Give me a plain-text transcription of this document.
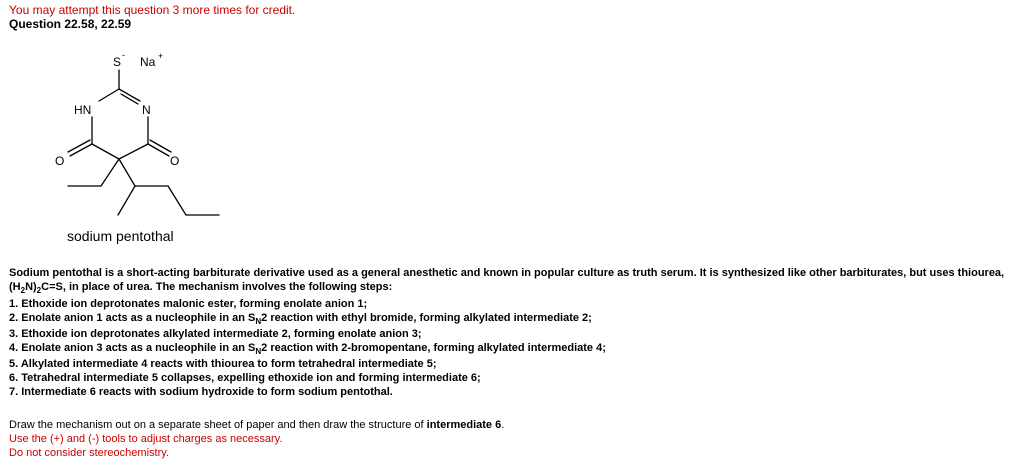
You may attempt this question 3 more times for credit.
Question 22.58, 22.59
S - Na +
HN	N
O	O
sodium pentothal

Sodium pentothal is a short-acting barbiturate derivative used as a general anesthetic and known in popular culture as truth serum. It is synthesized like other barbiturates, but uses thiourea, $(H_2N)_2C=S$, in place of urea. The mechanism involves the following steps:

1. Ethoxide ion deprotonates malonic ester, forming enolate anion 1;
2. Enolate anion 1 acts as a nucleophile in an $S_N2$ reaction with ethyl bromide, forming alkylated intermediate 2;
3. Ethoxide ion deprotonates alkylated intermediate 2, forming enolate anion 3;
4. Enolate anion 3 acts as a nucleophile in an $S_N2$ reaction with 2-bromopentane, forming alkylated intermediate 4;
5. Alkylated intermediate 4 reacts with thiourea to form tetrahedral intermediate 5;
6. Tetrahedral intermediate 5 collapses, expelling ethoxide ion and forming intermediate 6;
7. Intermediate 6 reacts with sodium hydroxide to form sodium pentothal.
Draw the mechanism out on a separate sheet of paper and then draw the structure of intermediate 6.
Use the (+) and (-) tools to adjust charges as necessary.
Do not consider stereochemistry.
